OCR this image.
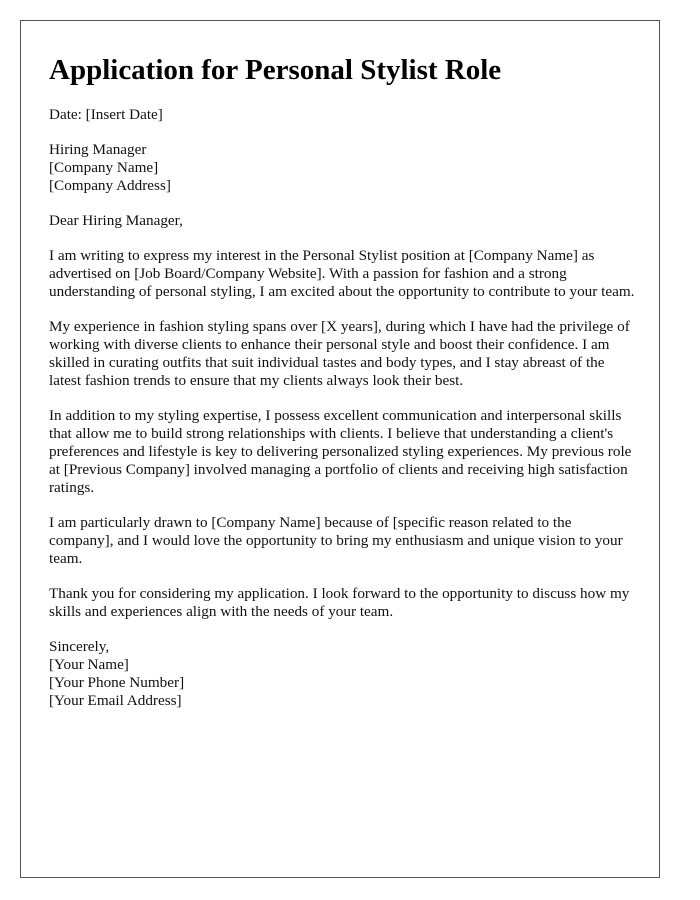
Application for Personal Stylist Role

Date: [Insert Date]

Hiring Manager
[Company Name]
[Company Address]

Dear Hiring Manager,

I am writing to express my interest in the Personal Stylist position at [Company Name] as advertised on [Job Board/Company Website]. With a passion for fashion and a strong understanding of personal styling, I am excited about the opportunity to contribute to your team.

My experience in fashion styling spans over [X years], during which I have had the privilege of working with diverse clients to enhance their personal style and boost their confidence. I am skilled in curating outfits that suit individual tastes and body types, and I stay abreast of the latest fashion trends to ensure that my clients always look their best.

In addition to my styling expertise, I possess excellent communication and interpersonal skills that allow me to build strong relationships with clients. I believe that understanding a client's preferences and lifestyle is key to delivering personalized styling experiences. My previous role at [Previous Company] involved managing a portfolio of clients and receiving high satisfaction ratings.

I am particularly drawn to [Company Name] because of [specific reason related to the company], and I would love the opportunity to bring my enthusiasm and unique vision to your team.

Thank you for considering my application. I look forward to the opportunity to discuss how my skills and experiences align with the needs of your team.

Sincerely,
[Your Name]
[Your Phone Number]
[Your Email Address]
